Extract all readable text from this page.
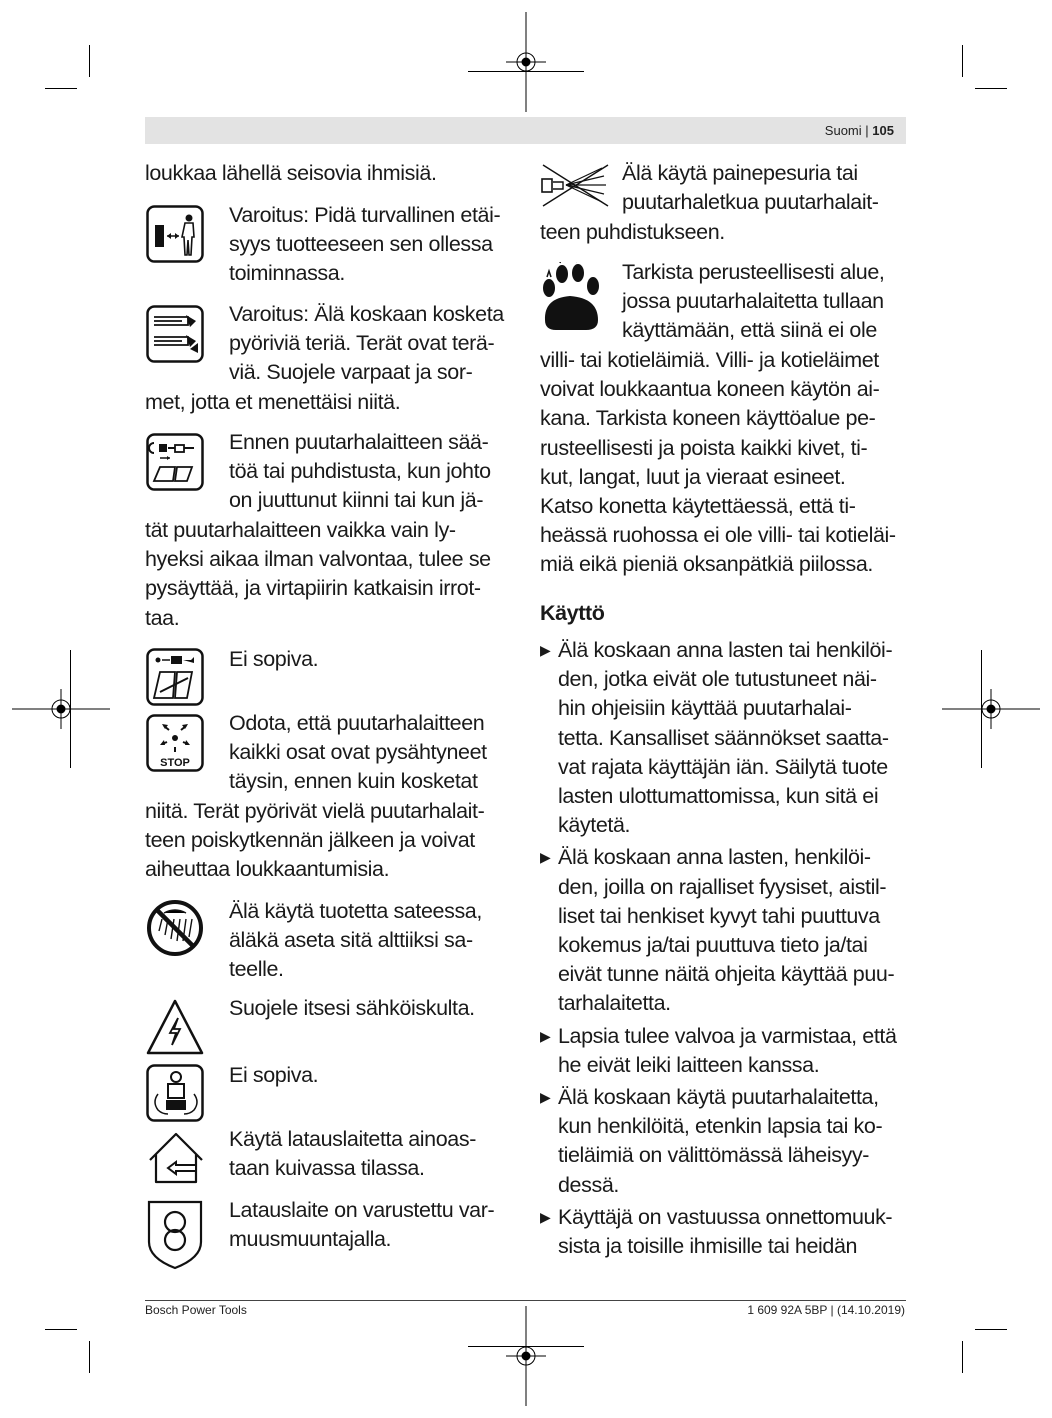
Suomi | 105
STOP

loukkaa lähellä seisovia ihmisiä.

Varoitus: Pidä turvallinen etäi-
syys tuotteeseen sen ollessa
toiminnassa.
Varoitus: Älä koskaan kosketa
pyöriviä teriä. Terät ovat terä-
viä. Suojele varpaat ja sor-
met, jotta et menettäisi niitä.
Ennen puutarhalaitteen sää-
töä tai puhdistusta, kun johto
on juuttunut kiinni tai kun jä-
tät puutarhalaitteen vaikka vain ly-
hyeksi aikaa ilman valvontaa, tulee se
pysäyttää, ja virtapiirin katkaisin irrot-
taa.
Ei sopiva.
Odota, että puutarhalaitteen
kaikki osat ovat pysähtyneet
täysin, ennen kuin kosketat
niitä. Terät pyörivät vielä puutarhalait-
teen poiskytkennän jälkeen ja voivat
aiheuttaa loukkaantumisia.
Älä käytä tuotetta sateessa,
äläkä aseta sitä alttiiksi sa-
teelle.
Suojele itsesi sähköiskulta.
Ei sopiva.
Käytä latauslaitetta ainoas-
taan kuivassa tilassa.
Latauslaite on varustettu var-
muusmuuntajalla.
Älä käytä painepesuria tai
puutarhaletkua puutarhalait-
teen puhdistukseen.
Tarkista perusteellisesti alue,
jossa puutarhalaitetta tullaan
käyttämään, että siinä ei ole
villi- tai kotieläimiä. Villi- ja kotieläimet
voivat loukkaantua koneen käytön ai-
kana. Tarkista koneen käyttöalue pe-
rusteellisesti ja poista kaikki kivet, ti-
kut, langat, luut ja vieraat esineet.
Katso konetta käytettäessä, että ti-
heässä ruohossa ei ole villi- tai kotieläi-
miä eikä pieniä oksanpätkiä piilossa.
Käyttö
▶ Älä koskaan anna lasten tai henkilöi-
den, jotka eivät ole tutustuneet näi-
hin ohjeisiin käyttää puutarhalai-
tetta. Kansalliset säännökset saatta-
vat rajata käyttäjän iän. Säilytä tuote
lasten ulottumattomissa, kun sitä ei
käytetä.
▶ Älä koskaan anna lasten, henkilöi-
den, joilla on rajalliset fyysiset, aistil-
liset tai henkiset kyvyt tahi puuttuva
kokemus ja/tai puuttuva tieto ja/tai
eivät tunne näitä ohjeita käyttää puu-
tarhalaitetta.
▶ Lapsia tulee valvoa ja varmistaa, että
he eivät leiki laitteen kanssa.
▶ Älä koskaan käytä puutarhalaitetta,
kun henkilöitä, etenkin lapsia tai ko-
tieläimiä on välittömässä läheisyy-
dessä.
▶ Käyttäjä on vastuussa onnettomuuk-
sista ja toisille ihmisille tai heidän
Bosch Power Tools	1 609 92A 5BP | (14.10.2019)
